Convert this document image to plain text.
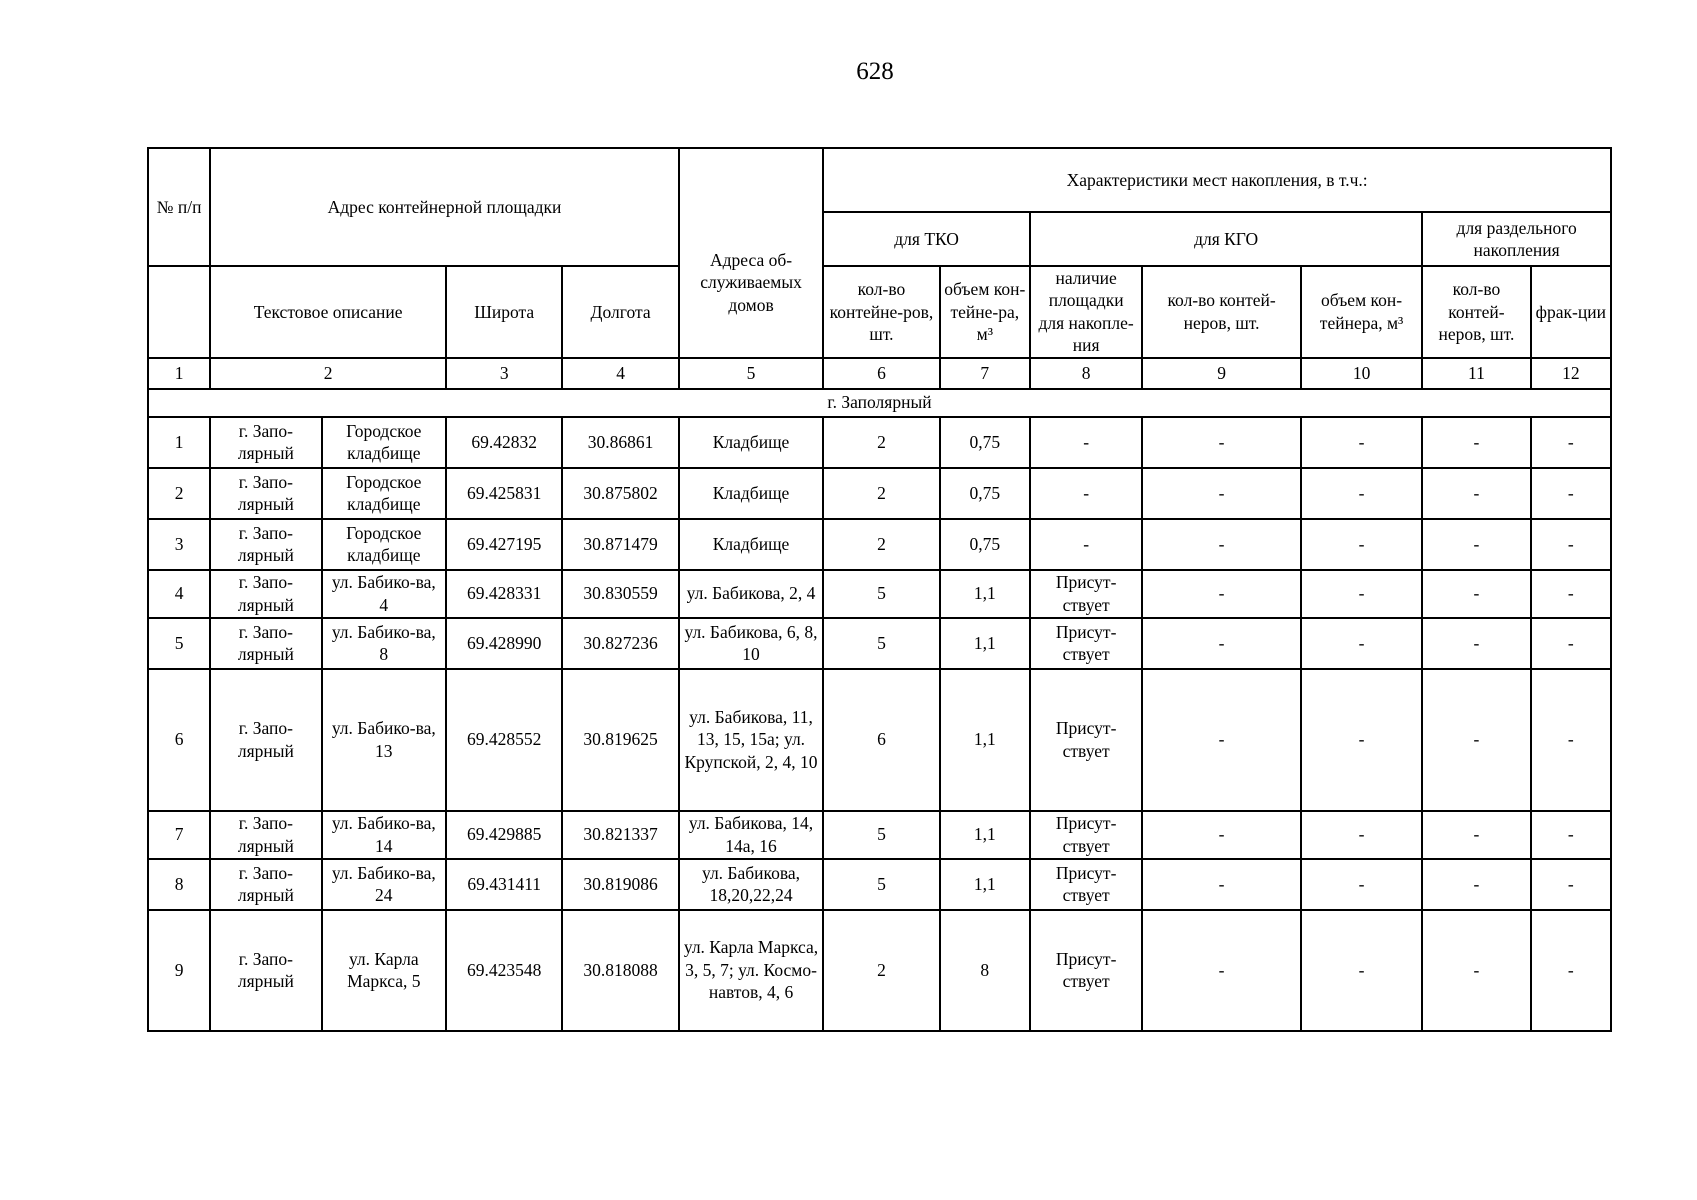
628
№ п/п	Адрес контейнерной площадки				Адреса об-служиваемых домов	Характеристики мест накопления, в т.ч.:						
						для ТКО		для КГО			для раздельного накопления	
						кол-во контейне-ров, шт.	объем кон-тейне-ра, м³	наличие площадки для накопле-ния	кол-во контей-неров, шт.	объем кон-тейнера, м³	кол-во контей-неров, шт.	фрак-ции
	Текстовое описание		Широта	Долгота								
1	2		3	4	5	6	7	8	9	10	11	12
г. Заполярный												
1	г. Запо-лярный	Городское кладбище	69.42832	30.86861	Кладбище	2	0,75	-	-	-	-	-
2	г. Запо-лярный	Городское кладбище	69.425831	30.875802	Кладбище	2	0,75	-	-	-	-	-
3	г. Запо-лярный	Городское кладбище	69.427195	30.871479	Кладбище	2	0,75	-	-	-	-	-
4	г. Запо-лярный	ул. Бабико-ва, 4	69.428331	30.830559	ул. Бабикова, 2, 4	5	1,1	Присут-ствует	-	-	-	-
5	г. Запо-лярный	ул. Бабико-ва, 8	69.428990	30.827236	ул. Бабикова, 6, 8, 10	5	1,1	Присут-ствует	-	-	-	-
6	г. Запо-лярный	ул. Бабико-ва, 13	69.428552	30.819625	ул. Бабикова, 11, 13, 15, 15а; ул. Крупской, 2, 4, 10	6	1,1	Присут-ствует	-	-	-	-
7	г. Запо-лярный	ул. Бабико-ва, 14	69.429885	30.821337	ул. Бабикова, 14, 14а, 16	5	1,1	Присут-ствует	-	-	-	-
8	г. Запо-лярный	ул. Бабико-ва, 24	69.431411	30.819086	ул. Бабикова, 18,20,22,24	5	1,1	Присут-ствует	-	-	-	-
9	г. Запо-лярный	ул. Карла Маркса, 5	69.423548	30.818088	ул. Карла Маркса, 3, 5, 7; ул. Космо-навтов, 4, 6	2	8	Присут-ствует	-	-	-	-
